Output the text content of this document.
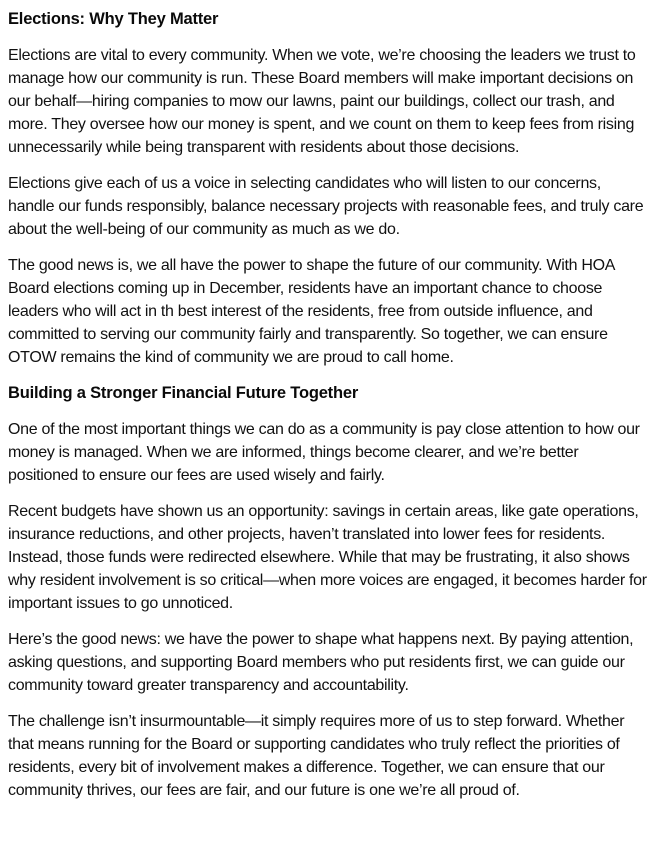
Elections: Why They Matter

Elections are vital to every community. When we vote, we’re choosing the leaders we trust to manage how our community is run. These Board members will make important decisions on our behalf—hiring companies to mow our lawns, paint our buildings, collect our trash, and more. They oversee how our money is spent, and we count on them to keep fees from rising unnecessarily while being transparent with residents about those decisions.

Elections give each of us a voice in selecting candidates who will listen to our concerns, handle our funds responsibly, balance necessary projects with reasonable fees, and truly care about the well-being of our community as much as we do.

The good news is, we all have the power to shape the future of our community. With HOA Board elections coming up in December, residents have an important chance to choose leaders who will act in th best interest of the residents, free from outside influence, and committed to serving our community fairly and transparently. So together, we can ensure OTOW remains the kind of community we are proud to call home.

Building a Stronger Financial Future Together

One of the most important things we can do as a community is pay close attention to how our money is managed. When we are informed, things become clearer, and we’re better positioned to ensure our fees are used wisely and fairly.

Recent budgets have shown us an opportunity: savings in certain areas, like gate operations, insurance reductions, and other projects, haven’t translated into lower fees for residents. Instead, those funds were redirected elsewhere. While that may be frustrating, it also shows why resident involvement is so critical—when more voices are engaged, it becomes harder for important issues to go unnoticed.

Here’s the good news: we have the power to shape what happens next. By paying attention, asking questions, and supporting Board members who put residents first, we can guide our community toward greater transparency and accountability.

The challenge isn’t insurmountable—it simply requires more of us to step forward. Whether that means running for the Board or supporting candidates who truly reflect the priorities of residents, every bit of involvement makes a difference. Together, we can ensure that our community thrives, our fees are fair, and our future is one we’re all proud of.
